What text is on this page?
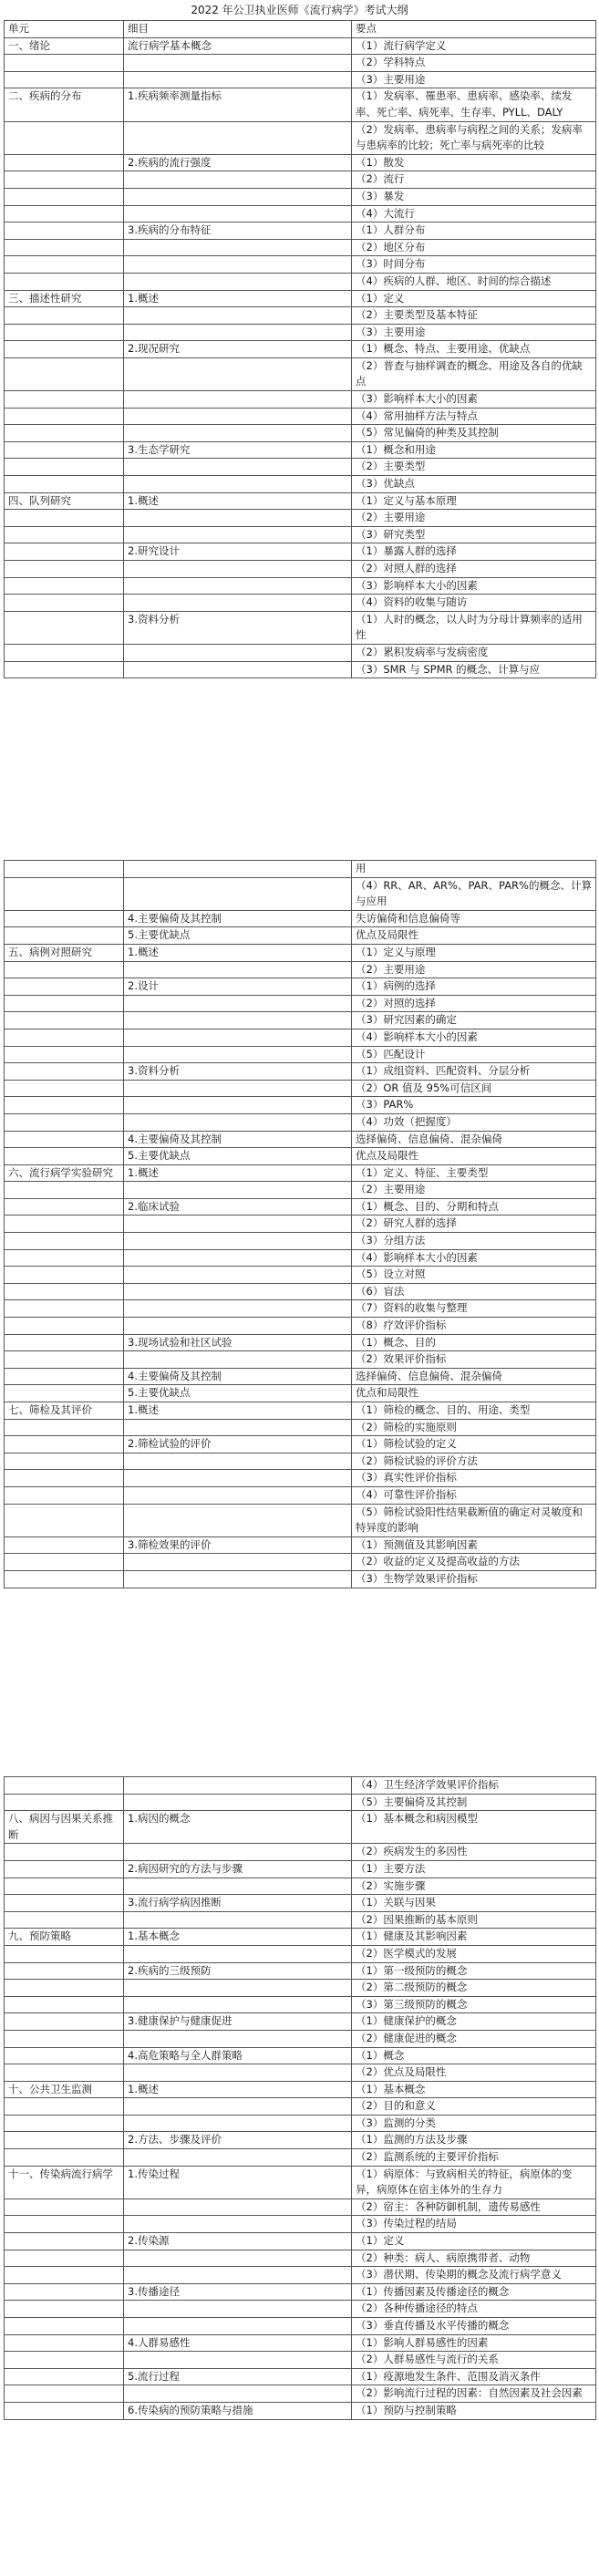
2022 年公卫执业医师《流行病学》考试大纲
单元	细目	要点
一、绪论	流行病学基本概念	（1）流行病学定义
		（2）学科特点
		（3）主要用途
二、疾病的分布	1.疾病频率测量指标	（1）发病率、罹患率、患病率、感染率、续发率、死亡率、病死率、生存率、PYLL、DALY
		（2）发病率、患病率与病程之间的关系；发病率与患病率的比较；死亡率与病死率的比较
	2.疾病的流行强度	（1）散发
		（2）流行
		（3）暴发
		（4）大流行
	3.疾病的分布特征	（1）人群分布
		（2）地区分布
		（3）时间分布
		（4）疾病的人群、地区、时间的综合描述
三、描述性研究	1.概述	（1）定义
		（2）主要类型及基本特征
		（3）主要用途
	2.现况研究	（1）概念、特点、主要用途、优缺点
		（2）普查与抽样调查的概念、用途及各自的优缺点
		（3）影响样本大小的因素
		（4）常用抽样方法与特点
		（5）常见偏倚的种类及其控制
	3.生态学研究	（1）概念和用途
		（2）主要类型
		（3）优缺点
四、队列研究	1.概述	（1）定义与基本原理
		（2）主要用途
		（3）研究类型
	2.研究设计	（1）暴露人群的选择
		（2）对照人群的选择
		（3）影响样本大小的因素
		（4）资料的收集与随访
	3.资料分析	（1）人时的概念，以人时为分母计算频率的适用性
		（2）累积发病率与发病密度
		（3）SMR 与 SPMR 的概念、计算与应
		用
		（4）RR、AR、AR%、PAR、PAR%的概念、计算与应用
	4.主要偏倚及其控制	失访偏倚和信息偏倚等
	5.主要优缺点	优点及局限性
五、病例对照研究	1.概述	（1）定义与原理
		（2）主要用途
	2.设计	（1）病例的选择
		（2）对照的选择
		（3）研究因素的确定
		（4）影响样本大小的因素
		（5）匹配设计
	3.资料分析	（1）成组资料、匹配资料、分层分析
		（2）OR 值及 95%可信区间
		（3）PAR%
		（4）功效（把握度）
	4.主要偏倚及其控制	选择偏倚、信息偏倚、混杂偏倚
	5.主要优缺点	优点及局限性
六、流行病学实验研究	1.概述	（1）定义、特征、主要类型
		（2）主要用途
	2.临床试验	（1）概念、目的、分期和特点
		（2）研究人群的选择
		（3）分组方法
		（4）影响样本大小的因素
		（5）设立对照
		（6）盲法
		（7）资料的收集与整理
		（8）疗效评价指标
	3.现场试验和社区试验	（1）概念、目的
		（2）效果评价指标
	4.主要偏倚及其控制	选择偏倚、信息偏倚、混杂偏倚
	5.主要优缺点	优点和局限性
七、筛检及其评价	1.概述	（1）筛检的概念、目的、用途、类型
		（2）筛检的实施原则
	2.筛检试验的评价	（1）筛检试验的定义
		（2）筛检试验的评价方法
		（3）真实性评价指标
		（4）可靠性评价指标
		（5）筛检试验阳性结果截断值的确定对灵敏度和特异度的影响
	3.筛检效果的评价	（1）预测值及其影响因素
		（2）收益的定义及提高收益的方法
		（3）生物学效果评价指标
		（4）卫生经济学效果评价指标
		（5）主要偏倚及其控制
八、病因与因果关系推断	1.病因的概念	（1）基本概念和病因模型
		（2）疾病发生的多因性
	2.病因研究的方法与步骤	（1）主要方法
		（2）实施步骤
	3.流行病学病因推断	（1）关联与因果
		（2）因果推断的基本原则
九、预防策略	1.基本概念	（1）健康及其影响因素
		（2）医学模式的发展
	2.疾病的三级预防	（1）第一级预防的概念
		（2）第二级预防的概念
		（3）第三级预防的概念
	3.健康保护与健康促进	（1）健康保护的概念
		（2）健康促进的概念
	4.高危策略与全人群策略	（1）概念
		（2）优点及局限性
十、公共卫生监测	1.概述	（1）基本概念
		（2）目的和意义
		（3）监测的分类
	2.方法、步骤及评价	（1）监测的方法及步骤
		（2）监测系统的主要评价指标
十一、传染病流行病学	1.传染过程	（1）病原体：与致病相关的特征，病原体的变异，病原体在宿主体外的生存力
		（2）宿主：各种防御机制，遗传易感性
		（3）传染过程的结局
	2.传染源	（1）定义
		（2）种类：病人、病原携带者、动物
		（3）潜伏期、传染期的概念及流行病学意义
	3.传播途径	（1）传播因素及传播途径的概念
		（2）各种传播途径的特点
		（3）垂直传播及水平传播的概念
	4.人群易感性	（1）影响人群易感性的因素
		（2）人群易感性与流行的关系
	5.流行过程	（1）疫源地发生条件、范围及消灭条件
		（2）影响流行过程的因素：自然因素及社会因素
	6.传染病的预防策略与措施	（1）预防与控制策略
